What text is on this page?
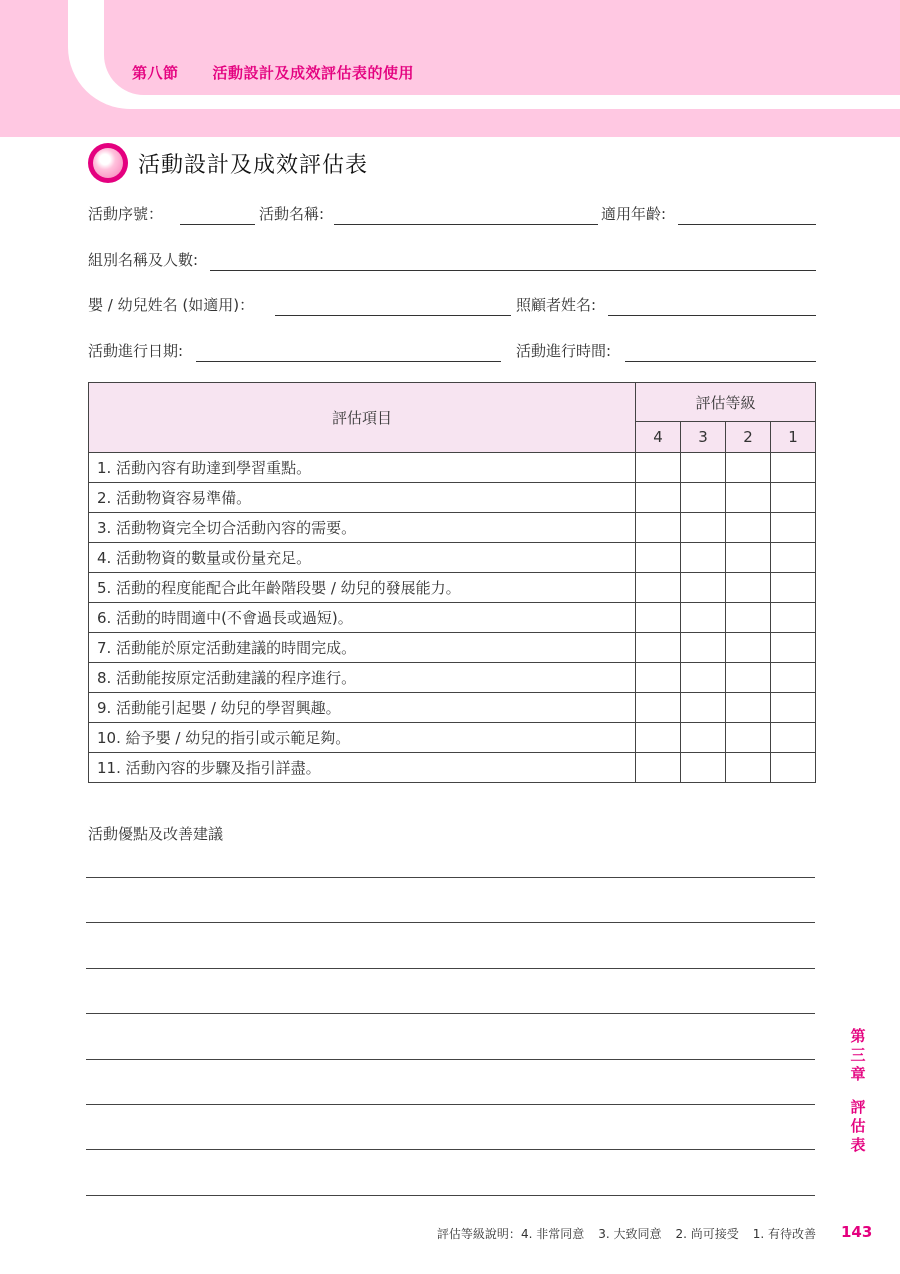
第八節 活動設計及成效評估表的使用
活動設計及成效評估表
活動序號：	活動名稱:	適用年齡:
組別名稱及人數:
嬰 / 幼兒姓名 (如適用)：	照顧者姓名:
活動進行日期:	活動進行時間:
評估項目	評估等級			
	4	3	2	1
1. 活動內容有助達到學習重點。				
2. 活動物資容易準備。				
3. 活動物資完全切合活動內容的需要。				
4. 活動物資的數量或份量充足。				
5. 活動的程度能配合此年齡階段嬰 / 幼兒的發展能力。				
6. 活動的時間適中(不會過長或過短)。				
7. 活動能於原定活動建議的時間完成。				
8. 活動能按原定活動建議的程序進行。				
9. 活動能引起嬰 / 幼兒的學習興趣。				
10. 給予嬰 / 幼兒的指引或示範足夠。				
11. 活動內容的步驟及指引詳盡。				
活動優點及改善建議
第
三
章
評
估
表
評估等級說明：4. 非常同意 3. 大致同意 2. 尚可接受 1. 有待改善 143
